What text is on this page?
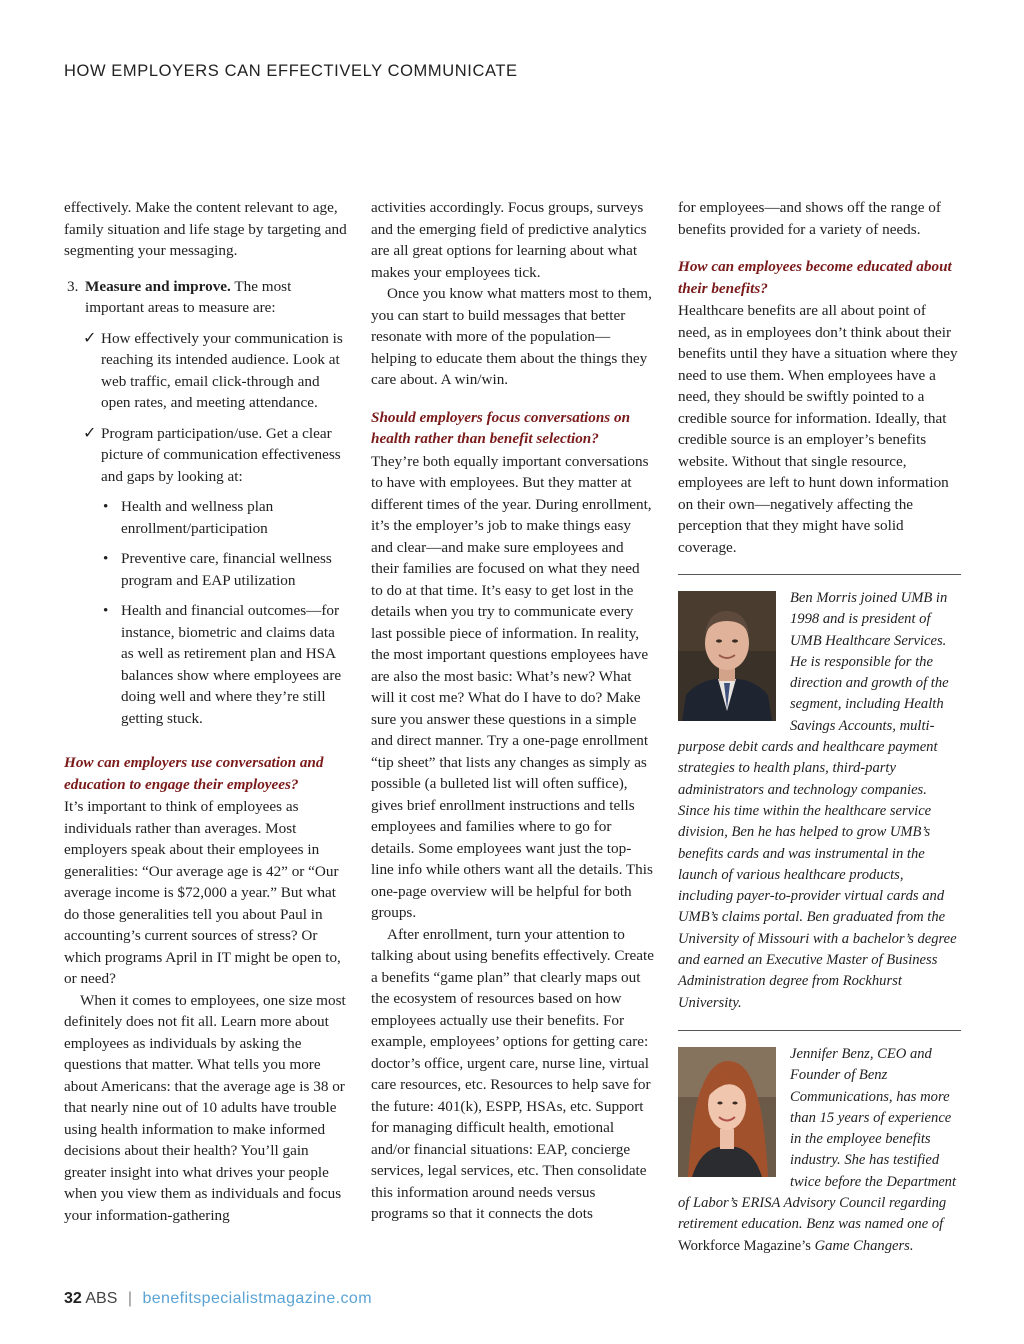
HOW EMPLOYERS CAN EFFECTIVELY COMMUNICATE

effectively. Make the content relevant to age, family situation and life stage by targeting and segmenting your messaging.

3. Measure and improve. The most important areas to measure are:
✓ How effectively your communication is reaching its intended audience. Look at web traffic, email click-through and open rates, and meeting attendance.
✓ Program participation/use. Get a clear picture of communication effectiveness and gaps by looking at:
• Health and wellness plan enrollment/participation
• Preventive care, financial wellness program and EAP utilization
• Health and financial outcomes—for instance, biometric and claims data as well as retirement plan and HSA balances show where employees are doing well and where they’re still getting stuck.

How can employers use conversation and education to engage their employees?

It’s important to think of employees as individuals rather than averages. Most employers speak about their employees in generalities: “Our average age is 42” or “Our average income is $72,000 a year.” But what do those generalities tell you about Paul in accounting’s current sources of stress? Or which programs April in IT might be open to, or need?

When it comes to employees, one size most definitely does not fit all. Learn more about employees as individuals by asking the questions that matter. What tells you more about Americans: that the average age is 38 or that nearly nine out of 10 adults have trouble using health information to make informed decisions about their health? You’ll gain greater insight into what drives your people when you view them as individuals and focus your information-gathering

activities accordingly. Focus groups, surveys and the emerging field of predictive analytics are all great options for learning about what makes your employees tick.

Once you know what matters most to them, you can start to build messages that better resonate with more of the population—helping to educate them about the things they care about. A win/win.

Should employers focus conversations on health rather than benefit selection?

They’re both equally important conversations to have with employees. But they matter at different times of the year. During enrollment, it’s the employer’s job to make things easy and clear—and make sure employees and their families are focused on what they need to do at that time. It’s easy to get lost in the details when you try to communicate every last possible piece of information. In reality, the most important questions employees have are also the most basic: What’s new? What will it cost me? What do I have to do? Make sure you answer these questions in a simple and direct manner. Try a one-page enrollment “tip sheet” that lists any changes as simply as possible (a bulleted list will often suffice), gives brief enrollment instructions and tells employees and families where to go for details. Some employees want just the top-line info while others want all the details. This one-page overview will be helpful for both groups.

After enrollment, turn your attention to talking about using benefits effectively. Create a benefits “game plan” that clearly maps out the ecosystem of resources based on how employees actually use their benefits. For example, employees’ options for getting care: doctor’s office, urgent care, nurse line, virtual care resources, etc. Resources to help save for the future: 401(k), ESPP, HSAs, etc. Support for managing difficult health, emotional and/or financial situations: EAP, concierge services, legal services, etc. Then consolidate this information around needs versus programs so that it connects the dots

for employees—and shows off the range of benefits provided for a variety of needs.

How can employees become educated about their benefits?

Healthcare benefits are all about point of need, as in employees don’t think about their benefits until they have a situation where they need to use them. When employees have a need, they should be swiftly pointed to a credible source for information. Ideally, that credible source is an employer’s benefits website. Without that single resource, employees are left to hunt down information on their own—negatively affecting the perception that they might have solid coverage.

Ben Morris joined UMB in 1998 and is president of UMB Healthcare Services. He is responsible for the direction and growth of the segment, including Health Savings Accounts, multi-purpose debit cards and healthcare payment strategies to health plans, third-party administrators and technology companies. Since his time within the healthcare service division, Ben he has helped to grow UMB’s benefits cards and was instrumental in the launch of various healthcare products, including payer-to-provider virtual cards and UMB’s claims portal. Ben graduated from the University of Missouri with a bachelor’s degree and earned an Executive Master of Business Administration degree from Rockhurst University.
Jennifer Benz, CEO and Founder of Benz Communications, has more than 15 years of experience in the employee benefits industry. She has testified twice before the Department of Labor’s ERISA Advisory Council regarding retirement education. Benz was named one of Workforce Magazine’s Game Changers.
32 ABS | benefitspecialistmagazine.com
